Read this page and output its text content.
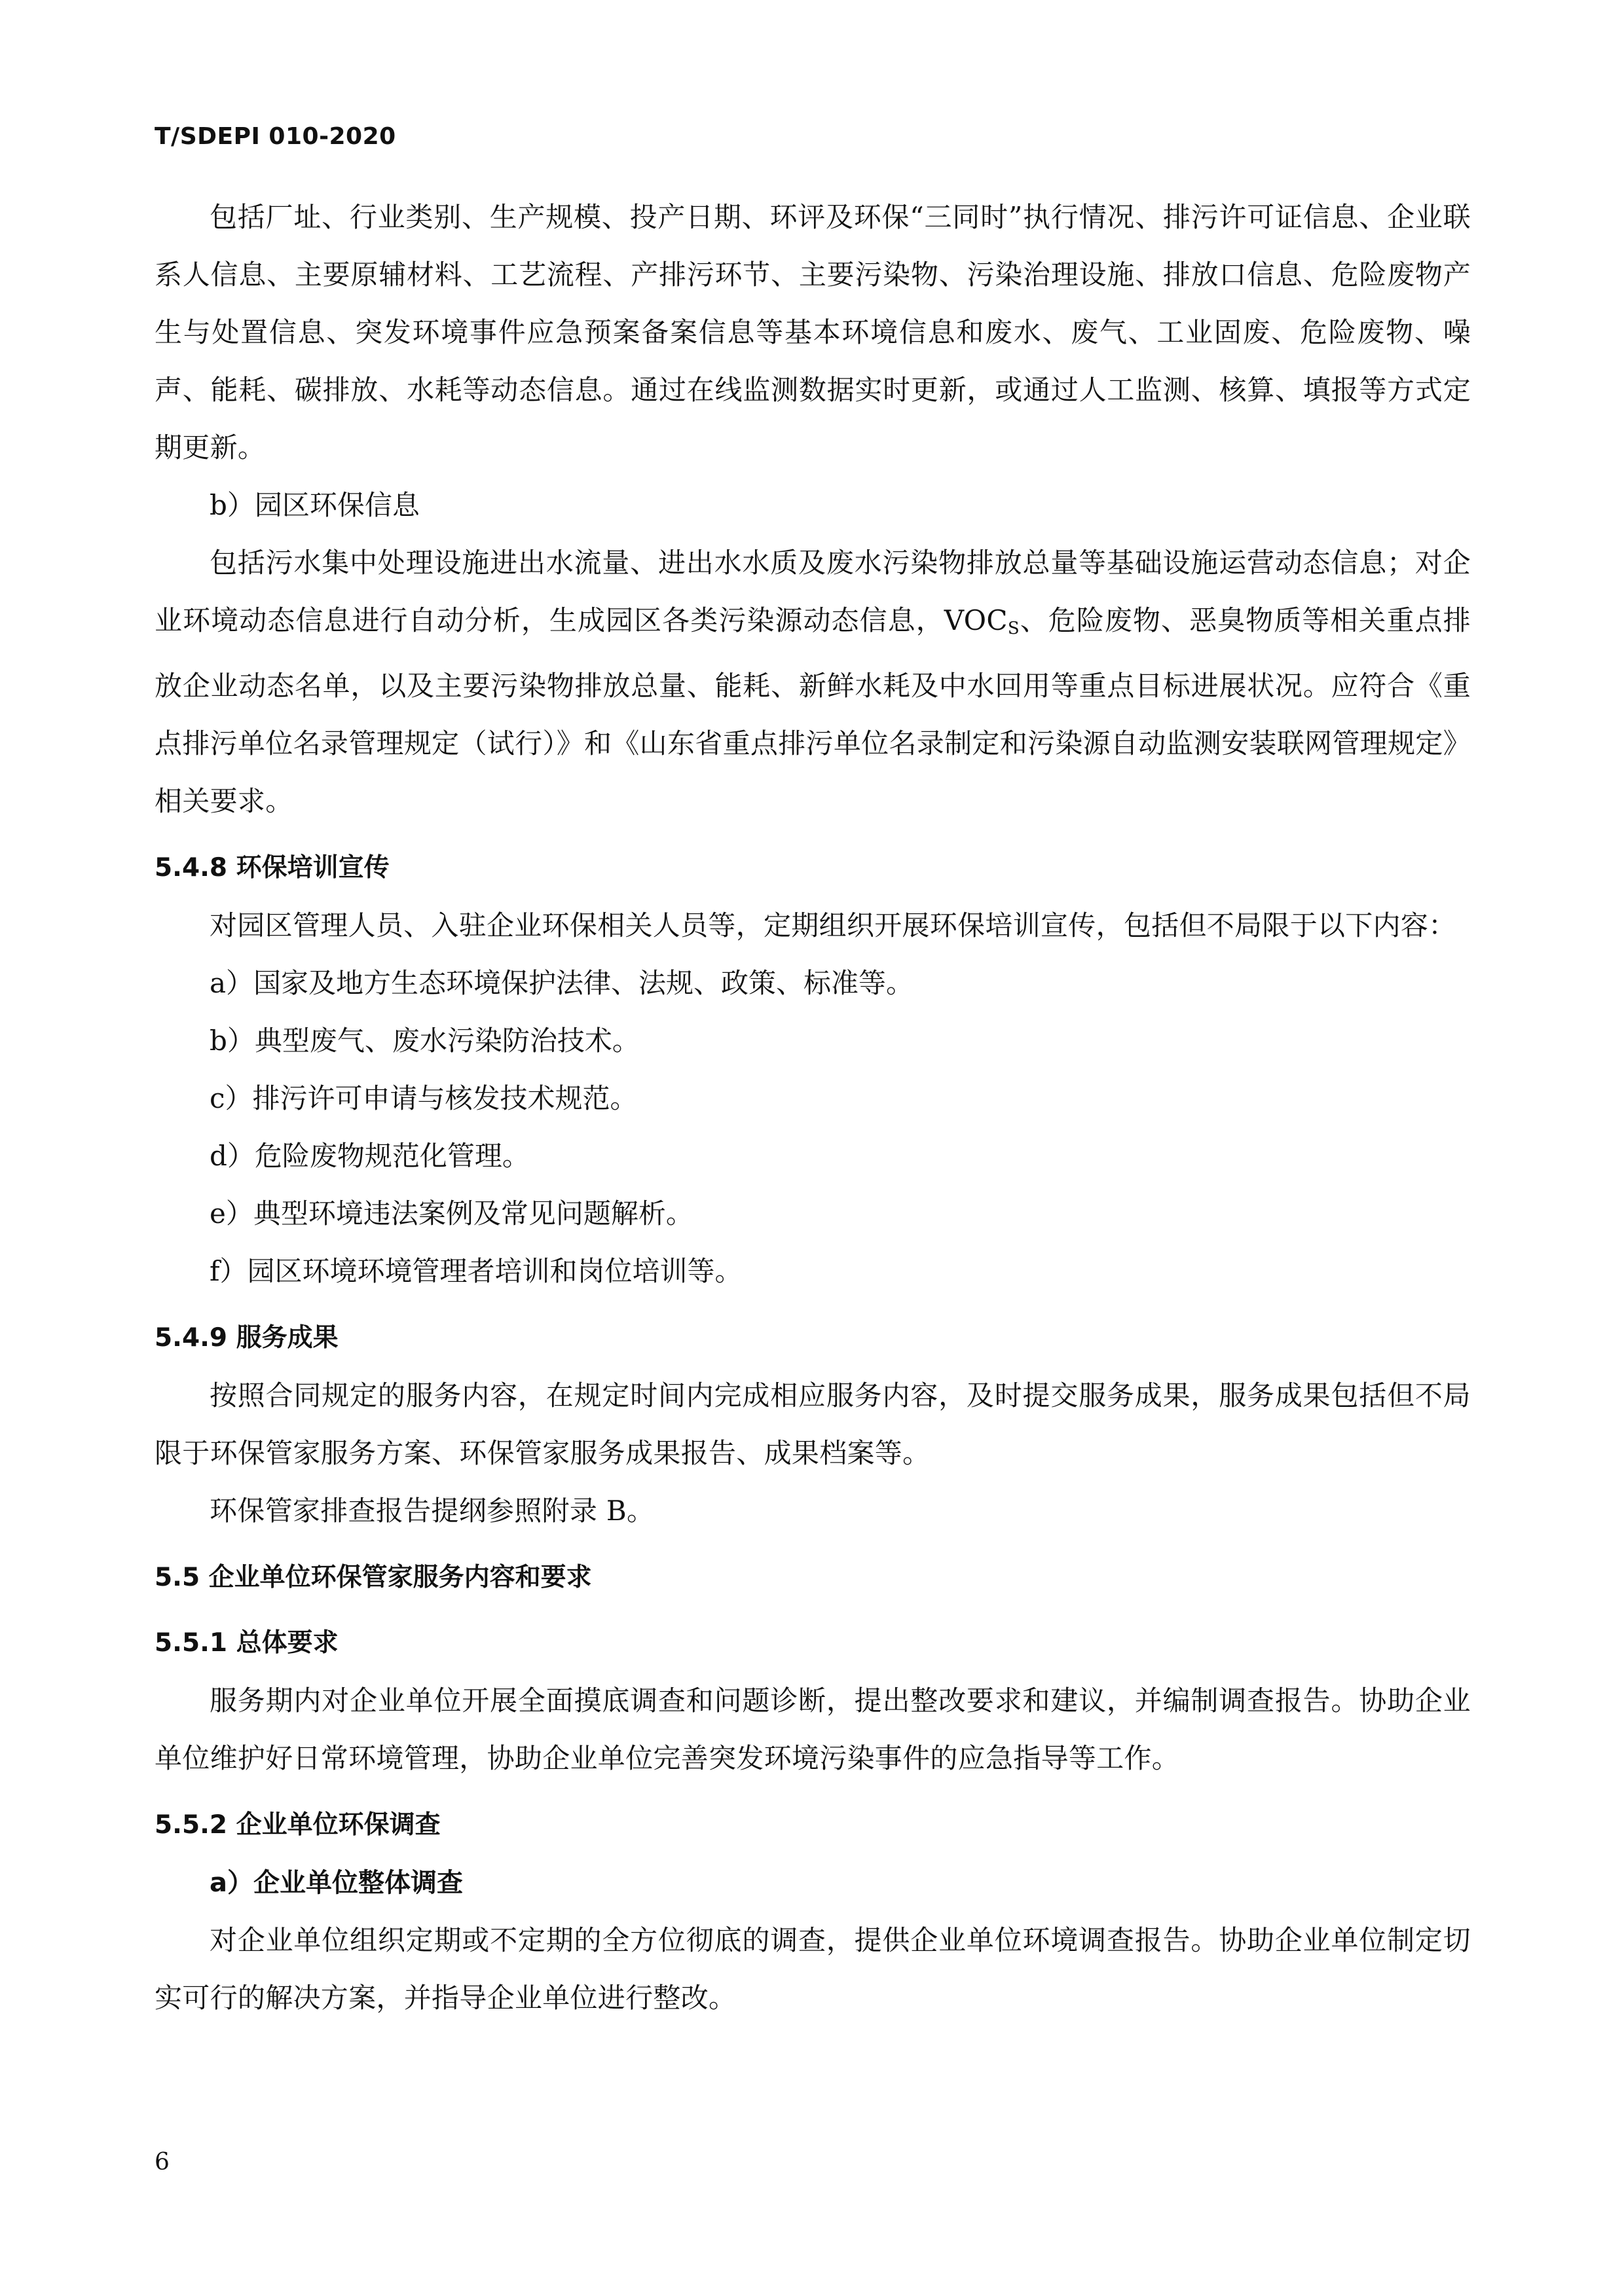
T/SDEPI 010-2020

包括厂址、行业类别、生产规模、投产日期、环评及环保“三同时”执行情况、排污许可证信息、企业联系人信息、主要原辅材料、工艺流程、产排污环节、主要污染物、污染治理设施、排放口信息、危险废物产生与处置信息、突发环境事件应急预案备案信息等基本环境信息和废水、废气、工业固废、危险废物、噪声、能耗、碳排放、水耗等动态信息。通过在线监测数据实时更新，或通过人工监测、核算、填报等方式定期更新。

b）园区环保信息

包括污水集中处理设施进出水流量、进出水水质及废水污染物排放总量等基础设施运营动态信息；对企业环境动态信息进行自动分析，生成园区各类污染源动态信息，$VOC_S$、危险废物、恶臭物质等相关重点排放企业动态名单，以及主要污染物排放总量、能耗、新鲜水耗及中水回用等重点目标进展状况。应符合《重点排污单位名录管理规定（试行）》和《山东省重点排污单位名录制定和污染源自动监测安装联网管理规定》相关要求。

5.4.8 环保培训宣传

对园区管理人员、入驻企业环保相关人员等，定期组织开展环保培训宣传，包括但不局限于以下内容：

a）国家及地方生态环境保护法律、法规、政策、标准等。

b）典型废气、废水污染防治技术。

c）排污许可申请与核发技术规范。

d）危险废物规范化管理。

e）典型环境违法案例及常见问题解析。

f）园区环境环境管理者培训和岗位培训等。

5.4.9 服务成果

按照合同规定的服务内容，在规定时间内完成相应服务内容，及时提交服务成果，服务成果包括但不局限于环保管家服务方案、环保管家服务成果报告、成果档案等。

环保管家排查报告提纲参照附录 B。

5.5 企业单位环保管家服务内容和要求
5.5.1 总体要求

服务期内对企业单位开展全面摸底调查和问题诊断，提出整改要求和建议，并编制调查报告。协助企业单位维护好日常环境管理，协助企业单位完善突发环境污染事件的应急指导等工作。

5.5.2 企业单位环保调查

a）企业单位整体调查

对企业单位组织定期或不定期的全方位彻底的调查，提供企业单位环境调查报告。协助企业单位制定切实可行的解决方案，并指导企业单位进行整改。

6
